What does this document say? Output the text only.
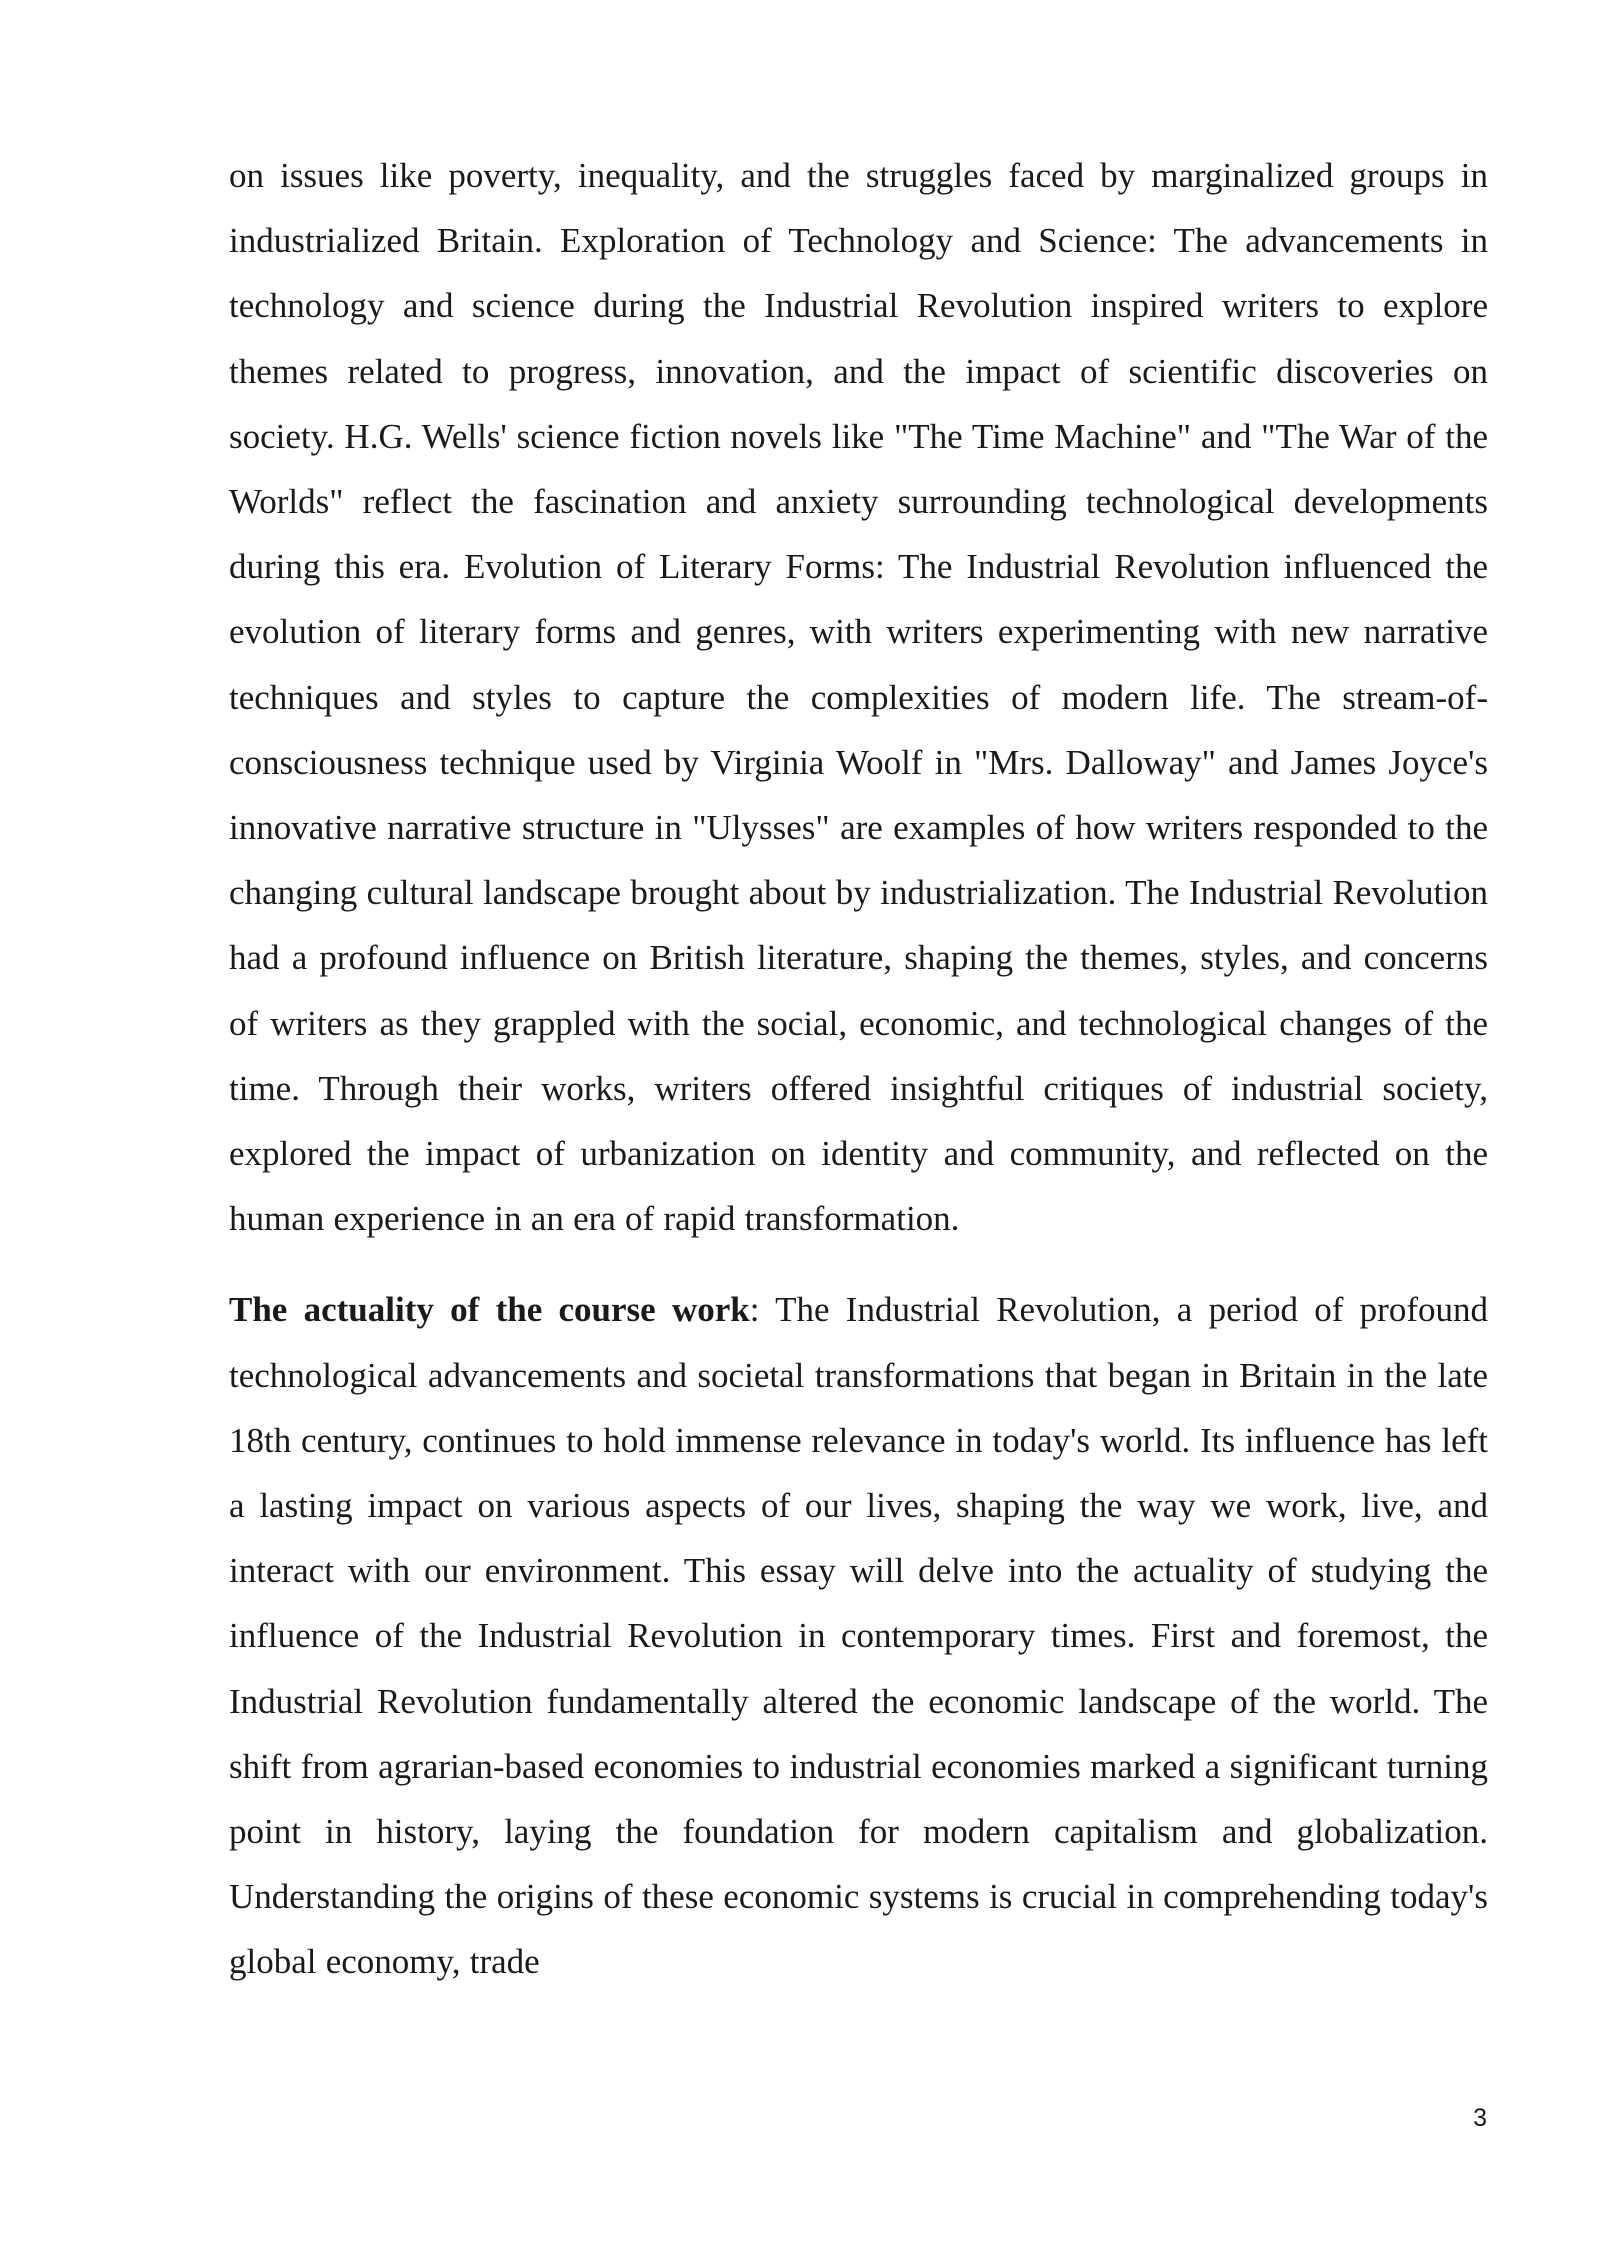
on issues like poverty, inequality, and the struggles faced by marginalized groups in industrialized Britain. Exploration of Technology and Science: The advancements in technology and science during the Industrial Revolution inspired writers to explore themes related to progress, innovation, and the impact of scientific discoveries on society. H.G. Wells' science fiction novels like "The Time Machine" and "The War of the Worlds" reflect the fascination and anxiety surrounding technological developments during this era. Evolution of Literary Forms: The Industrial Revolution influenced the evolution of literary forms and genres, with writers experimenting with new narrative techniques and styles to capture the complexities of modern life. The stream-of-consciousness technique used by Virginia Woolf in "Mrs. Dalloway" and James Joyce's innovative narrative structure in "Ulysses" are examples of how writers responded to the changing cultural landscape brought about by industrialization. The Industrial Revolution had a profound influence on British literature, shaping the themes, styles, and concerns of writers as they grappled with the social, economic, and technological changes of the time. Through their works, writers offered insightful critiques of industrial society, explored the impact of urbanization on identity and community, and reflected on the human experience in an era of rapid transformation.

The actuality of the course work: The Industrial Revolution, a period of profound technological advancements and societal transformations that began in Britain in the late 18th century, continues to hold immense relevance in today's world. Its influence has left a lasting impact on various aspects of our lives, shaping the way we work, live, and interact with our environment. This essay will delve into the actuality of studying the influence of the Industrial Revolution in contemporary times. First and foremost, the Industrial Revolution fundamentally altered the economic landscape of the world. The shift from agrarian-based economies to industrial economies marked a significant turning point in history, laying the foundation for modern capitalism and globalization. Understanding the origins of these economic systems is crucial in comprehending today's global economy, trade

3
